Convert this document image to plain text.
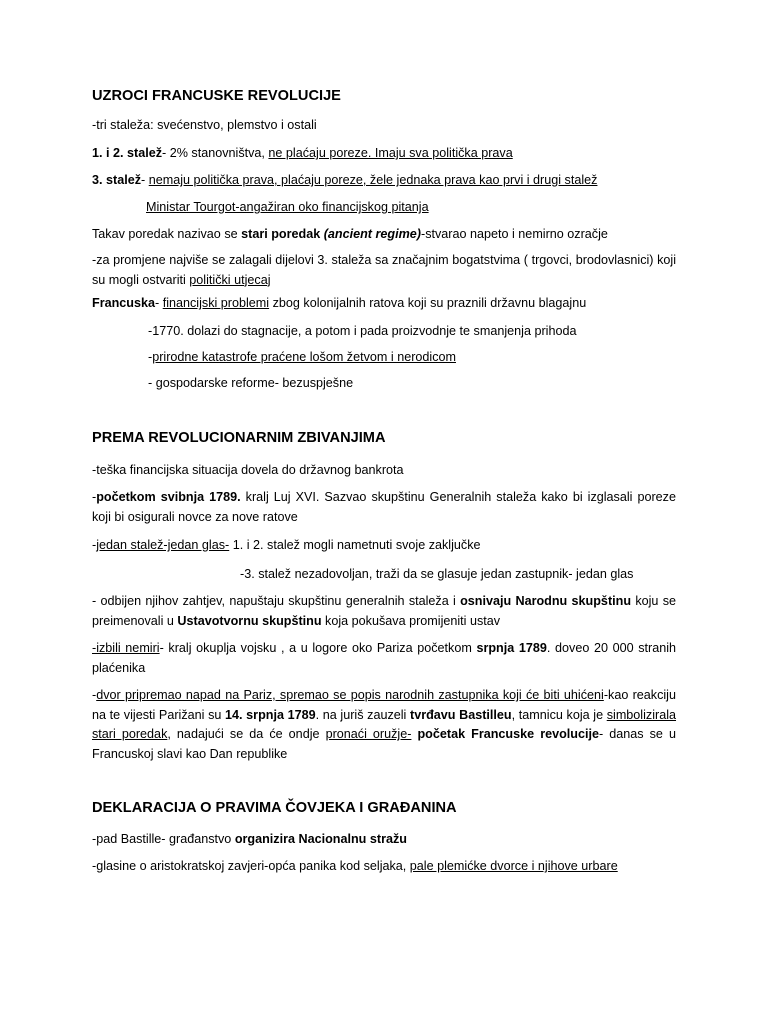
UZROCI FRANCUSKE REVOLUCIJE
-tri staleža: svećenstvo, plemstvo i ostali
1. i 2. stalež- 2% stanovništva, ne plaćaju poreze. Imaju sva politička prava
3. stalež- nemaju politička prava, plaćaju poreze, žele jednaka prava kao prvi i drugi stalež
Ministar Tourgot-angažiran oko financijskog pitanja
Takav poredak nazivao se stari poredak (ancient regime)-stvarao napeto i nemirno ozračje
-za promjene najviše se zalagali dijelovi 3. staleža sa značajnim bogatstvima ( trgovci, brodovlasnici) koji su mogli ostvariti politički utjecaj
Francuska- financijski problemi zbog kolonijalnih ratova koji su praznili državnu blagajnu
-1770. dolazi do stagnacije, a potom i pada proizvodnje te smanjenja prihoda
-prirodne katastrofe praćene lošom žetvom i nerodicom
- gospodarske reforme- bezuspješne
PREMA REVOLUCIONARNIM ZBIVANJIMA
-teška financijska situacija dovela do državnog bankrota
-početkom svibnja 1789. kralj Luj XVI. Sazvao skupštinu Generalnih staleža kako bi izglasali poreze koji bi osigurali novce za nove ratove
-jedan stalež-jedan glas- 1. i 2. stalež mogli nametnuti svoje zaključke
-3. stalež nezadovoljan, traži da se glasuje jedan zastupnik- jedan glas
- odbijen njihov zahtjev, napuštaju skupštinu generalnih staleža i osnivaju Narodnu skupštinu koju se preimenovali u Ustavotvornu skupštinu koja pokušava promijeniti ustav
-izbili nemiri- kralj okuplja vojsku , a u logore oko Pariza početkom srpnja 1789. doveo 20 000 stranih plaćenika
-dvor pripremao napad na Pariz, spremao se popis narodnih zastupnika koji će biti uhićeni-kao reakciju na te vijesti Parižani su 14. srpnja 1789. na juriš zauzeli tvrđavu Bastilleu, tamnicu koja je simbolizirala stari poredak, nadajući se da će ondje pronaći oružje- početak Francuske revolucije- danas se u Francuskoj slavi kao Dan republike
DEKLARACIJA O PRAVIMA ČOVJEKA I GRAĐANINA
-pad Bastille- građanstvo organizira Nacionalnu stražu
-glasine o aristokratskoj zavjeri-opća panika kod seljaka, pale plemićke dvorce i njihove urbare
